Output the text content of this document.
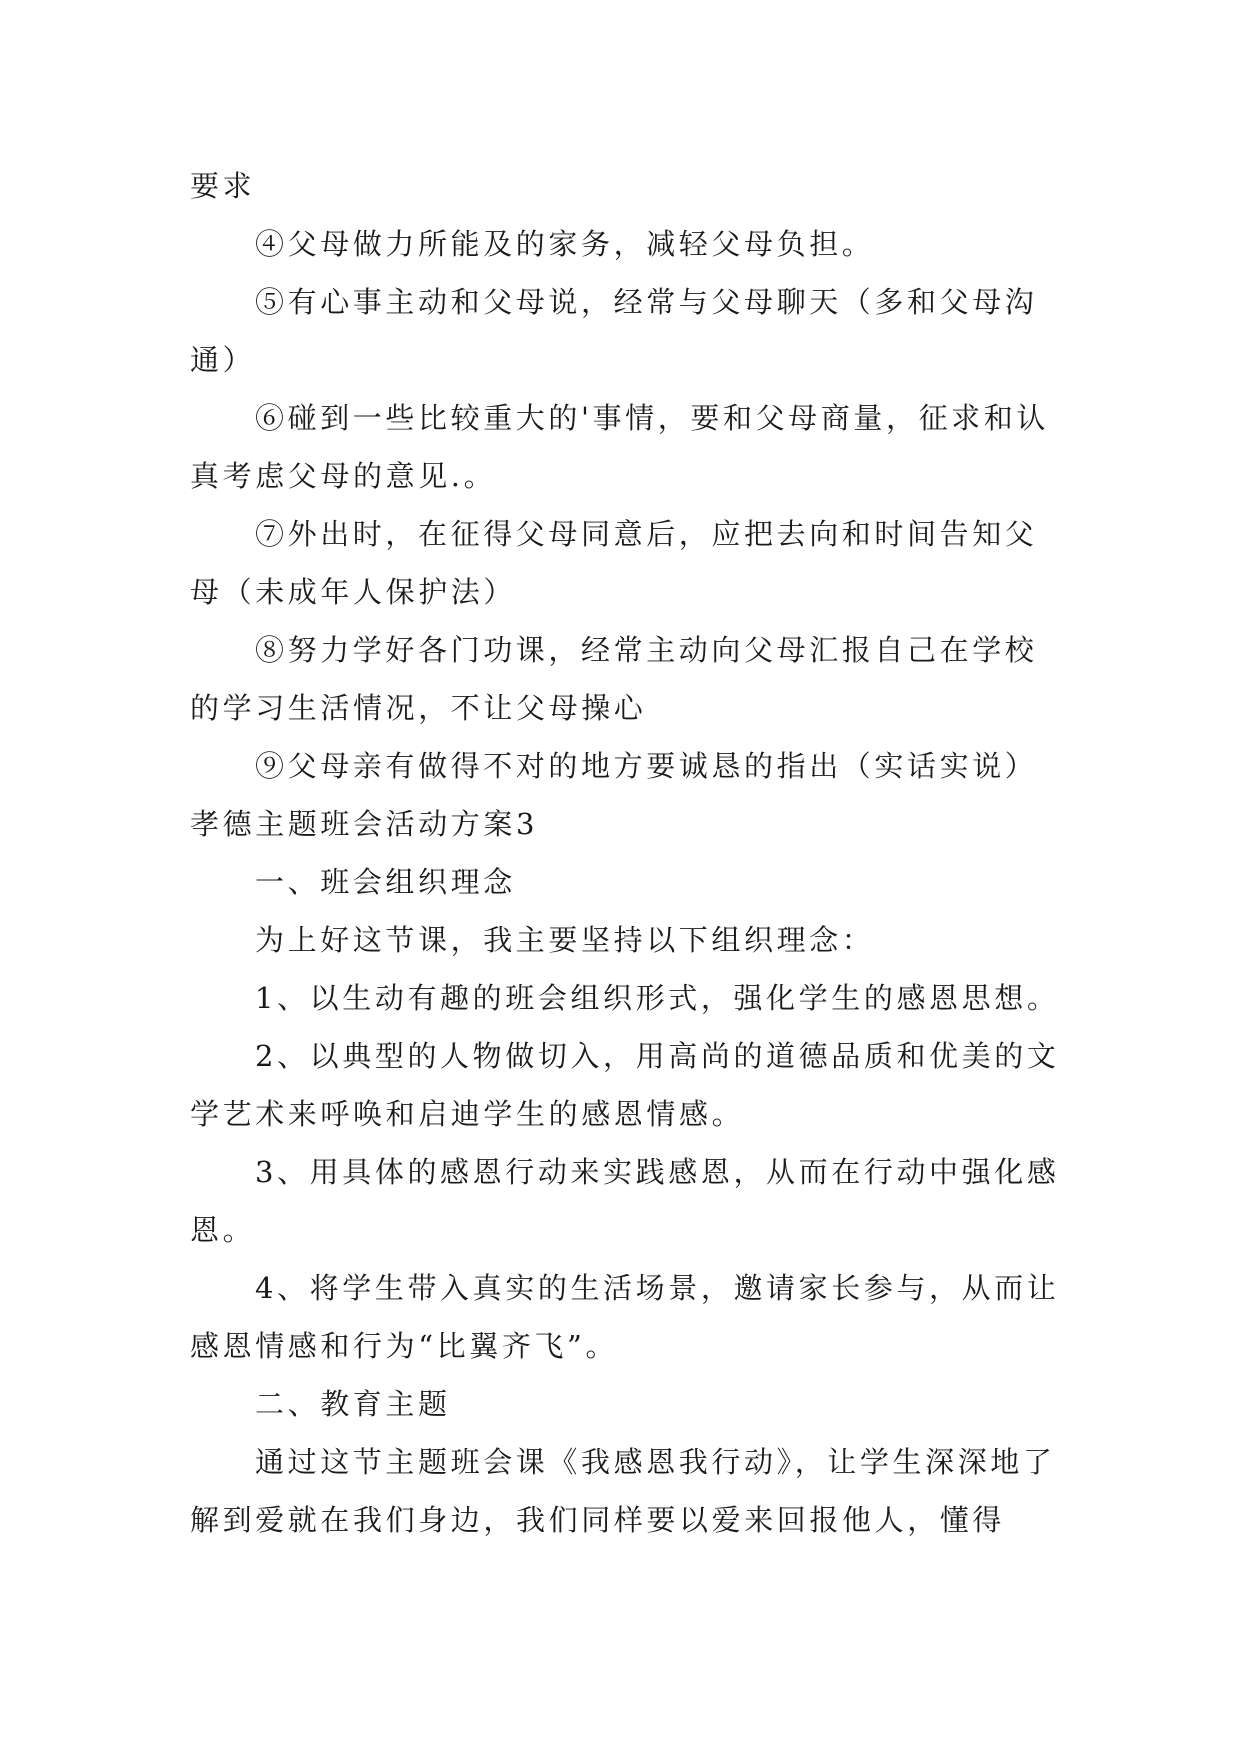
要求

④父母做力所能及的家务，减轻父母负担。

⑤有心事主动和父母说，经常与父母聊天（多和父母沟通）

⑥碰到一些比较重大的'事情，要和父母商量，征求和认真考虑父母的意见.。

⑦外出时，在征得父母同意后，应把去向和时间告知父母（未成年人保护法）

⑧努力学好各门功课，经常主动向父母汇报自己在学校的学习生活情况，不让父母操心

⑨父母亲有做得不对的地方要诚恳的指出（实话实说）

孝德主题班会活动方案3

一、班会组织理念

为上好这节课，我主要坚持以下组织理念：

1、以生动有趣的班会组织形式，强化学生的感恩思想。

2、以典型的人物做切入，用高尚的道德品质和优美的文学艺术来呼唤和启迪学生的感恩情感。

3、用具体的感恩行动来实践感恩，从而在行动中强化感恩。

4、将学生带入真实的生活场景，邀请家长参与，从而让感恩情感和行为“比翼齐飞”。

二、教育主题

通过这节主题班会课《我感恩我行动》，让学生深深地了解到爱就在我们身边，我们同样要以爱来回报他人，懂得
